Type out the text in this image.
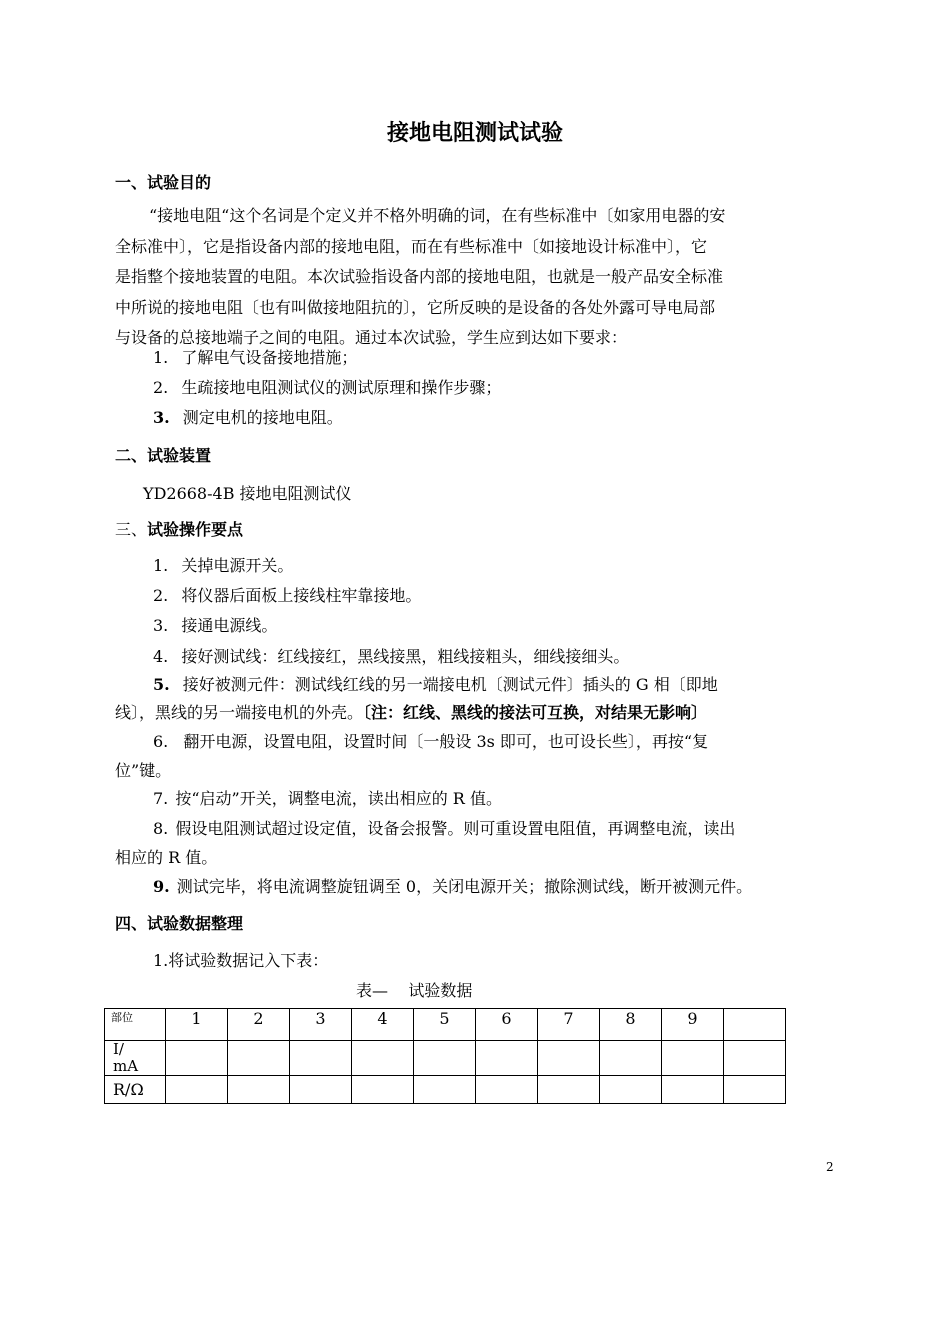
接地电阻测试试验
一、试验目的
“接地电阻“这个名词是个定义并不格外明确的词，在有些标准中〔如家用电器的安
全标准中〕，它是指设备内部的接地电阻，而在有些标准中〔如接地设计标准中〕，它
是指整个接地装置的电阻。本次试验指设备内部的接地电阻，也就是一般产品安全标准
中所说的接地电阻〔也有叫做接地阻抗的〕，它所反映的是设备的各处外露可导电局部
与设备的总接地端子之间的电阻。通过本次试验，学生应到达如下要求：
1. 了解电气设备接地措施；
2. 生疏接地电阻测试仪的测试原理和操作步骤；
3. 测定电机的接地电阻。
二、试验装置
YD2668-4B 接地电阻测试仪
三、试验操作要点
1. 关掉电源开关。
2. 将仪器后面板上接线柱牢靠接地。
3. 接通电源线。
4. 接好测试线：红线接红，黑线接黑，粗线接粗头，细线接细头。
5. 接好被测元件：测试线红线的另一端接电机〔测试元件〕插头的 G 相〔即地
线〕，黑线的另一端接电机的外壳。〔注：红线、黑线的接法可互换，对结果无影响〕
6. 翻开电源，设置电阻，设置时间〔一般设 3s 即可，也可设长些〕，再按“复
位”键。
7. 按“启动”开关，调整电流，读出相应的 R 值。
8. 假设电阻测试超过设定值，设备会报警。则可重设置电阻值，再调整电流，读出
相应的 R 值。
9. 测试完毕，将电流调整旋钮调至 0，关闭电源开关；撤除测试线，断开被测元件。
四、试验数据整理
1.将试验数据记入下表：
表—    试验数据
部位	1	2	3	4	5	6	7	8	9	
I/
mA										
R/Ω										
2
